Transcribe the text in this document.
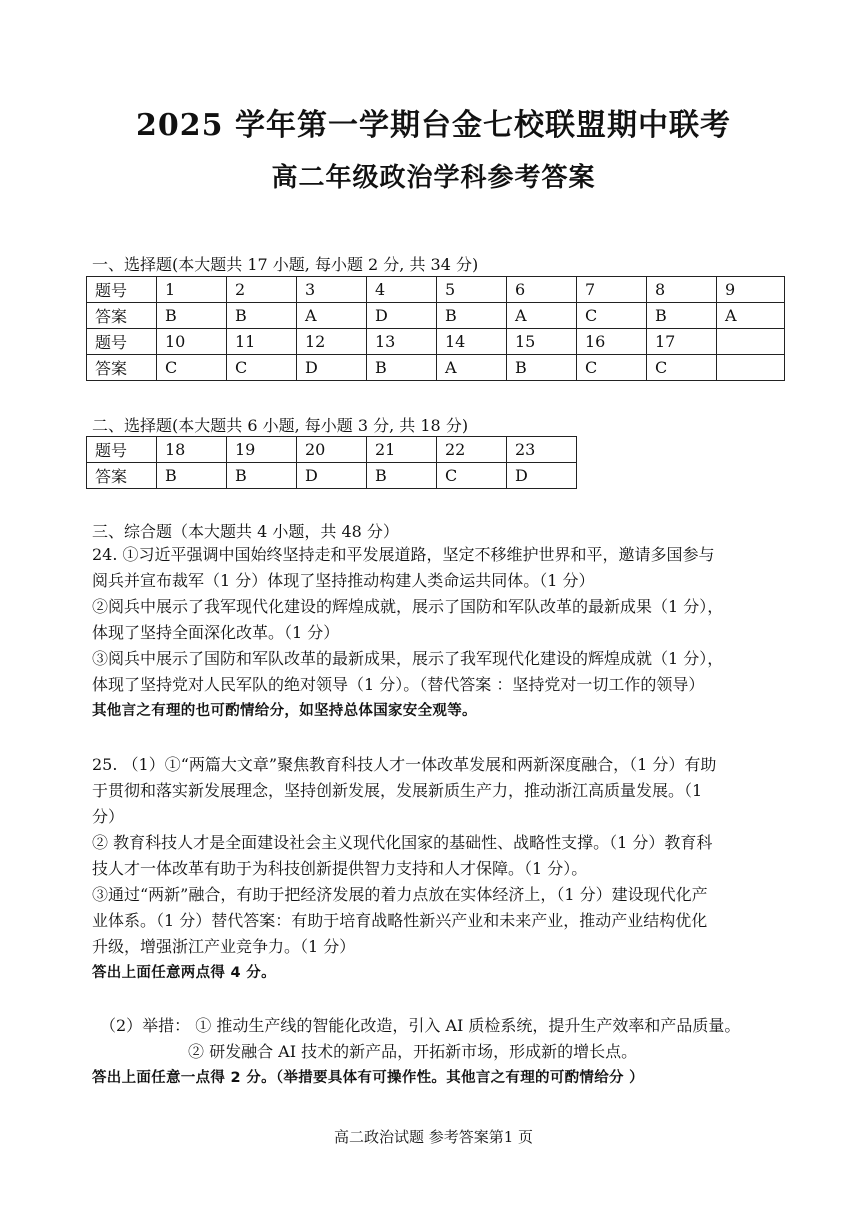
2025 学年第一学期台金七校联盟期中联考
高二年级政治学科参考答案
一、选择题(本大题共 17 小题, 每小题 2 分, 共 34 分)
题号	1	2	3	4	5	6	7	8	9
答案	B	B	A	D	B	A	C	B	A
题号	10	11	12	13	14	15	16	17	
答案	C	C	D	B	A	B	C	C	
二、选择题(本大题共 6 小题, 每小题 3 分, 共 18 分)
题号	18	19	20	21	22	23
答案	B	B	D	B	C	D
三、综合题（本大题共 4 小题，共 48 分）
24. ①习近平强调中国始终坚持走和平发展道路，坚定不移维护世界和平，邀请多国参与
阅兵并宣布裁军（1 分）体现了坚持推动构建人类命运共同体。（1 分）
②阅兵中展示了我军现代化建设的辉煌成就，展示了国防和军队改革的最新成果（1 分），
体现了坚持全面深化改革。（1 分）
③阅兵中展示了国防和军队改革的最新成果，展示了我军现代化建设的辉煌成就（1 分），
体现了坚持党对人民军队的绝对领导（1 分）。（替代答案 ：坚持党对一切工作的领导）
其他言之有理的也可酌情给分，如坚持总体国家安全观等。
25. （1）①“两篇大文章”聚焦教育科技人才一体改革发展和两新深度融合，（1 分）有助
于贯彻和落实新发展理念，坚持创新发展，发展新质生产力，推动浙江高质量发展。（1
分）
② 教育科技人才是全面建设社会主义现代化国家的基础性、战略性支撑。（1 分）教育科
技人才一体改革有助于为科技创新提供智力支持和人才保障。（1 分）。
③通过“两新”融合，有助于把经济发展的着力点放在实体经济上，（1 分）建设现代化产
业体系。（1 分）替代答案：有助于培育战略性新兴产业和未来产业，推动产业结构优化
升级，增强浙江产业竞争力。（1 分）
答出上面任意两点得 4 分。
（2）举措： ① 推动生产线的智能化改造，引入 AI 质检系统，提升生产效率和产品质量。
② 研发融合 AI 技术的新产品，开拓新市场，形成新的增长点。
答出上面任意一点得 2 分。（举措要具体有可操作性。其他言之有理的可酌情给分 ）
高二政治试题 参考答案第1 页
